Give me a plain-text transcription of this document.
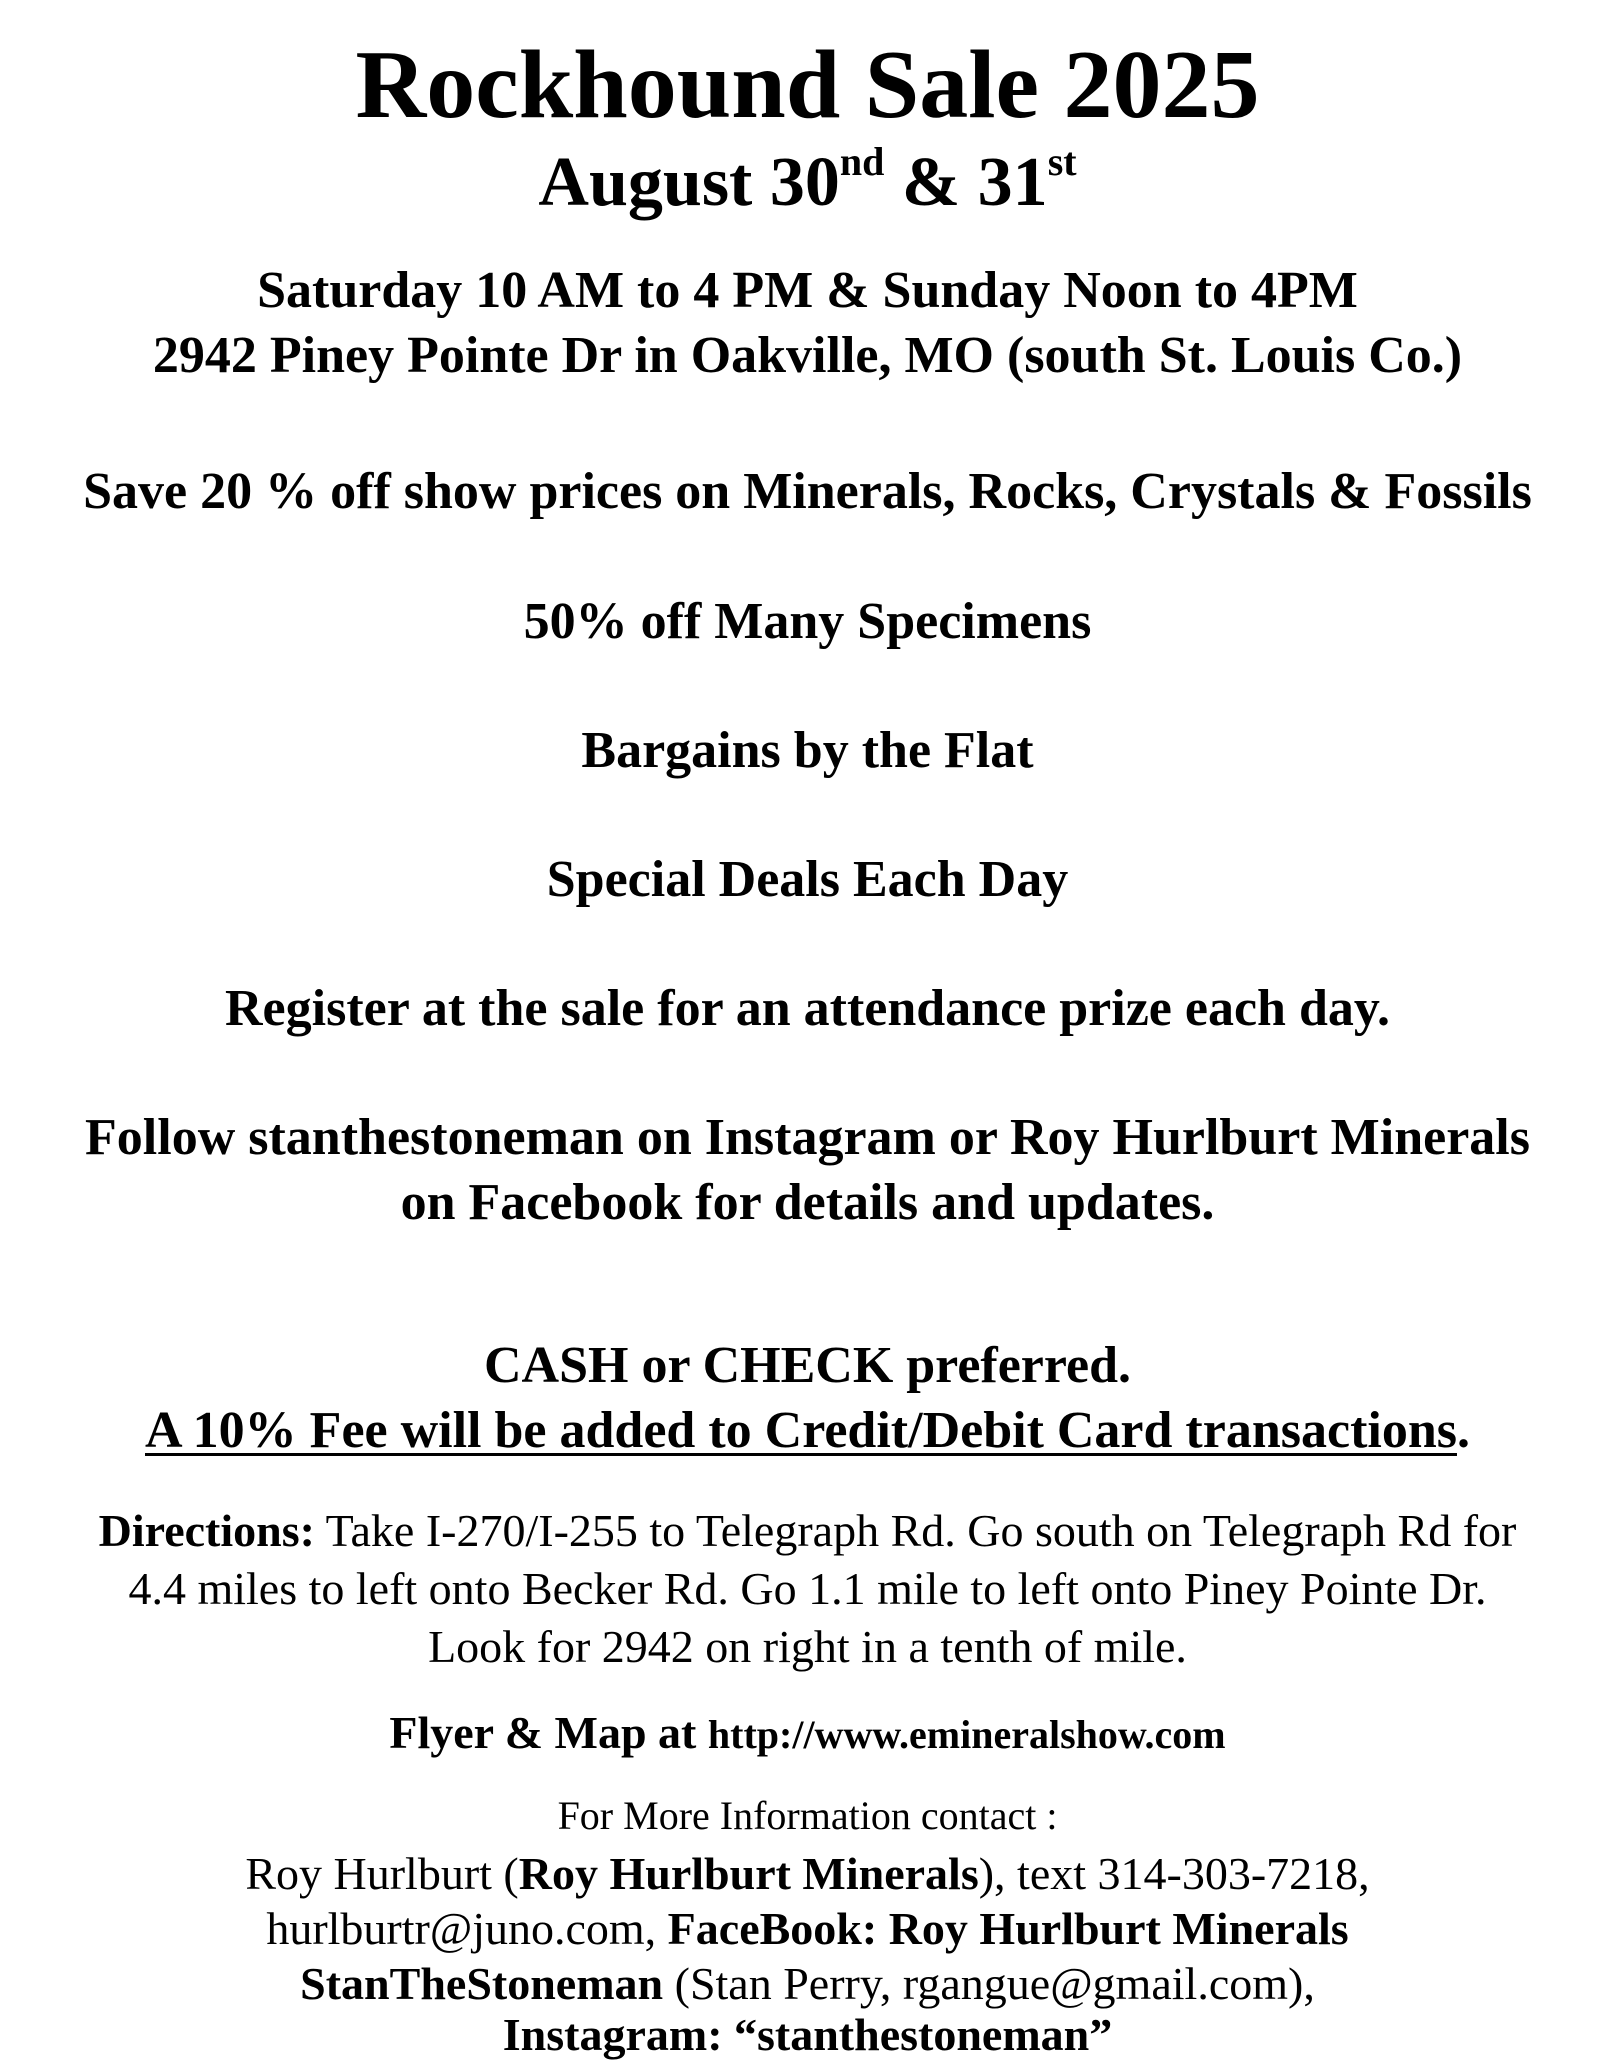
Rockhound Sale 2025
August 30nd & 31st
Saturday 10 AM to 4 PM & Sunday Noon to 4PM
2942 Piney Pointe Dr in Oakville, MO (south St. Louis Co.)
Save 20 % off show prices on Minerals, Rocks, Crystals & Fossils
50% off Many Specimens
Bargains by the Flat
Special Deals Each Day
Register at the sale for an attendance prize each day.
Follow stanthestoneman on Instagram or Roy Hurlburt Minerals
on Facebook for details and updates.
CASH or CHECK preferred.
A 10% Fee will be added to Credit/Debit Card transactions.
Directions: Take I-270/I-255 to Telegraph Rd. Go south on Telegraph Rd for
4.4 miles to left onto Becker Rd. Go 1.1 mile to left onto Piney Pointe Dr.
Look for 2942 on right in a tenth of mile.
Flyer & Map at http://www.emineralshow.com
For More Information contact :
Roy Hurlburt (Roy Hurlburt Minerals), text 314-303-7218,
hurlburtr@juno.com, FaceBook: Roy Hurlburt Minerals
StanTheStoneman (Stan Perry, rgangue@gmail.com),
Instagram: “stanthestoneman”
